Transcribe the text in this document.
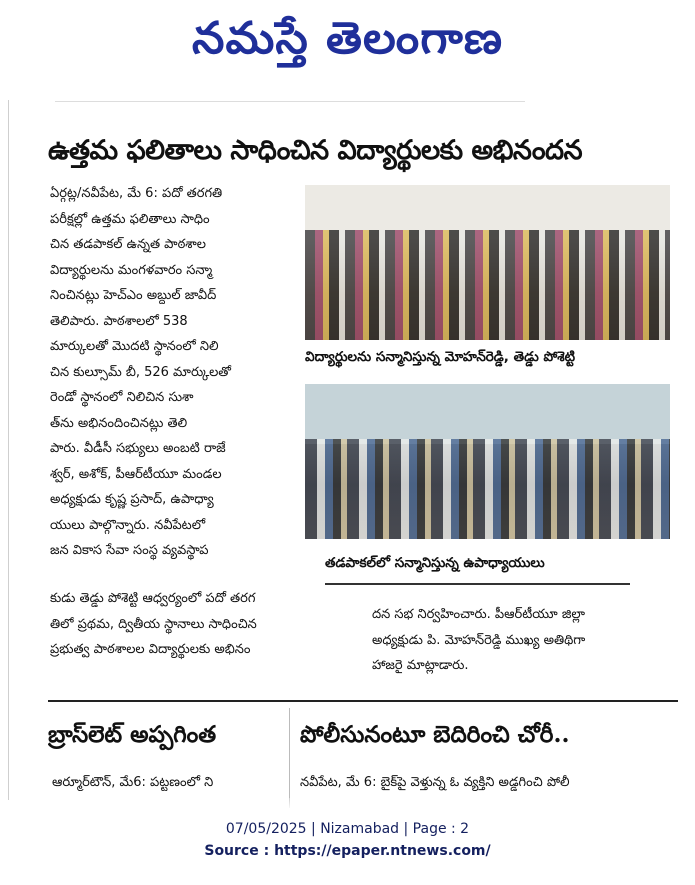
నమస్తే తెలంగాణ
ఉత్తమ ఫలితాలు సాధించిన విద్యార్థులకు అభినందన
ఏర్గట్ల/నవీపేట, మే 6: పదో తరగతి
పరీక్షల్లో ఉత్తమ ఫలితాలు సాధిం
చిన తడపాకల్ ఉన్నత పాఠశాల
విద్యార్థులను మంగళవారం సన్మా
నించినట్లు హెచ్‌ఎం అబ్దుల్ జావీద్
తెలిపారు. పాఠశాలలో 538
మార్కులతో మొదటి స్థానంలో నిలి
చిన కుల్సూమ్ బీ, 526 మార్కులతో
రెండో స్థానంలో నిలిచిన సుశా
త్‌ను అభినందించినట్లు తెలి
పారు. వీడీసీ సభ్యులు అంబటి రాజే
శ్వర్, అశోక్, పీఆర్‌టీయూ మండల
అధ్యక్షుడు కృష్ణ ప్రసాద్, ఉపాధ్యా
యులు పాల్గొన్నారు. నవీపేటలో
జన వికాస సేవా సంస్థ వ్యవస్థాప
విద్యార్థులను సన్మానిస్తున్న మోహన్‌రెడ్డి, తెడ్డు పోశెట్టి
తడపాకల్‌లో సన్మానిస్తున్న ఉపాధ్యాయులు
కుడు తెడ్డు పోశెట్టి ఆధ్వర్యంలో పదో తరగ
తిలో ప్రథమ, ద్వితీయ స్థానాలు సాధించిన
ప్రభుత్వ పాఠశాలల విద్యార్థులకు అభినం
దన సభ నిర్వహించారు. పీఆర్‌టీయూ జిల్లా
అధ్యక్షుడు పి. మోహన్‌రెడ్డి ముఖ్య అతిథిగా
హాజరై మాట్లాడారు.
బ్రాస్‌లెట్ అప్పగింత	పోలీసునంటూ బెదిరించి చోరీ..
ఆర్మూర్‌టౌన్, మే6: పట్టణంలో ని	నవీపేట, మే 6: బైక్‌పై వెళ్తున్న ఓ వ్యక్తిని అడ్డగించి పోలీ
07/05/2025 | Nizamabad | Page : 2
Source : https://epaper.ntnews.com/
